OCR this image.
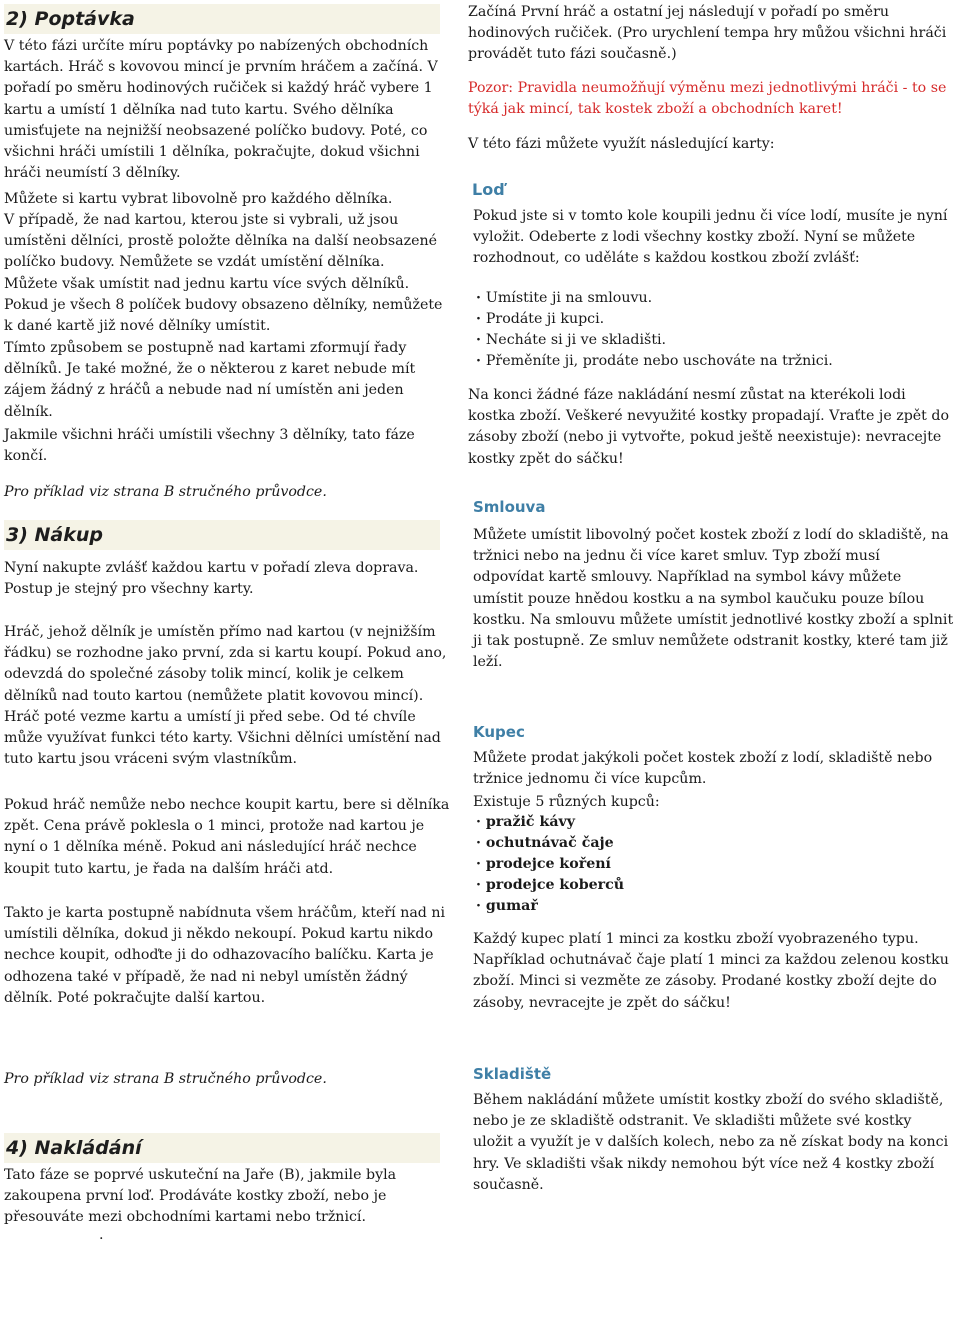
2) Poptávka

V této fázi určíte míru poptávky po nabízených obchodních kartách. Hráč s kovovou mincí je prvním hráčem a začíná. V pořadí po směru hodinových ručiček si každý hráč vybere 1 kartu a umístí 1 dělníka nad tuto kartu. Svého dělníka umisťujete na nejnižší neobsazené políčko budovy. Poté, co všichni hráči umístili 1 dělníka, pokračujte, dokud všichni hráči neumístí 3 dělníky.

Můžete si kartu vybrat libovolně pro každého dělníka.

V případě, že nad kartou, kterou jste si vybrali, už jsou umístěni dělníci, prostě položte dělníka na další neobsazené políčko budovy. Nemůžete se vzdát umístění dělníka.

Můžete však umístit nad jednu kartu více svých dělníků.

Pokud je všech 8 políček budovy obsazeno dělníky, nemůžete k dané kartě již nové dělníky umístit.

Tímto způsobem se postupně nad kartami zformují řady dělníků. Je také možné, že o některou z karet nebude mít zájem žádný z hráčů a nebude nad ní umístěn ani jeden dělník.

Jakmile všichni hráči umístili všechny 3 dělníky, tato fáze končí.

Pro příklad viz strana B stručného průvodce.

3) Nákup

Nyní nakupte zvlášť každou kartu v pořadí zleva doprava. Postup je stejný pro všechny karty.

Hráč, jehož dělník je umístěn přímo nad kartou (v nejnižším řádku) se rozhodne jako první, zda si kartu koupí. Pokud ano, odevzdá do společné zásoby tolik mincí, kolik je celkem dělníků nad touto kartou (nemůžete platit kovovou mincí). Hráč poté vezme kartu a umístí ji před sebe. Od té chvíle může využívat funkci této karty. Všichni dělníci umístění nad tuto kartu jsou vráceni svým vlastníkům.

Pokud hráč nemůže nebo nechce koupit kartu, bere si dělníka zpět. Cena právě poklesla o 1 minci, protože nad kartou je nyní o 1 dělníka méně. Pokud ani následující hráč nechce koupit tuto kartu, je řada na dalším hráči atd.

Takto je karta postupně nabídnuta všem hráčům, kteří nad ni umístili dělníka, dokud ji někdo nekoupí. Pokud kartu nikdo nechce koupit, odhoďte ji do odhazovacího balíčku. Karta je odhozena také v případě, že nad ni nebyl umístěn žádný dělník. Poté pokračujte další kartou.

Pro příklad viz strana B stručného průvodce.

4) Nakládání

Tato fáze se poprvé uskuteční na Jaře (B), jakmile byla zakoupena první loď. Prodáváte kostky zboží, nebo je přesouváte mezi obchodními kartami nebo tržnicí.

.

Začíná První hráč a ostatní jej následují v pořadí po směru hodinových ručiček. (Pro urychlení tempa hry můžou všichni hráči provádět tuto fázi současně.)

Pozor: Pravidla neumožňují výměnu mezi jednotlivými hráči - to se týká jak mincí, tak kostek zboží a obchodních karet!

V této fázi můžete využít následující karty:

Loď

Pokud jste si v tomto kole koupili jednu či více lodí, musíte je nyní vyložit. Odeberte z lodi všechny kostky zboží. Nyní se můžete rozhodnout, co uděláte s každou kostkou zboží zvlášť:

· Umístite ji na smlouvu.
· Prodáte ji kupci.
· Necháte si ji ve skladišti.
· Přeměníte ji, prodáte nebo uschováte na tržnici.

Na konci žádné fáze nakládání nesmí zůstat na kterékoli lodi kostka zboží. Veškeré nevyužité kostky propadají. Vraťte je zpět do zásoby zboží (nebo ji vytvořte, pokud ještě neexistuje): nevracejte kostky zpět do sáčku!

Smlouva

Můžete umístit libovolný počet kostek zboží z lodí do skladiště, na tržnici nebo na jednu či více karet smluv. Typ zboží musí odpovídat kartě smlouvy. Například na symbol kávy můžete umístit pouze hnědou kostku a na symbol kaučuku pouze bílou kostku. Na smlouvu můžete umístit jednotlivé kostky zboží a splnit ji tak postupně. Ze smluv nemůžete odstranit kostky, které tam již leží.

Kupec

Můžete prodat jakýkoli počet kostek zboží z lodí, skladiště nebo tržnice jednomu či více kupcům.

Existuje 5 různých kupců:

· pražič kávy
· ochutnávač čaje
· prodejce koření
· prodejce koberců
· gumař

Každý kupec platí 1 minci za kostku zboží vyobrazeného typu. Například ochutnávač čaje platí 1 minci za každou zelenou kostku zboží. Minci si vezměte ze zásoby. Prodané kostky zboží dejte do zásoby, nevracejte je zpět do sáčku!

Skladiště

Během nakládání můžete umístit kostky zboží do svého skladiště, nebo je ze skladiště odstranit. Ve skladišti můžete své kostky uložit a využít je v dalších kolech, nebo za ně získat body na konci hry. Ve skladišti však nikdy nemohou být více než 4 kostky zboží současně.
